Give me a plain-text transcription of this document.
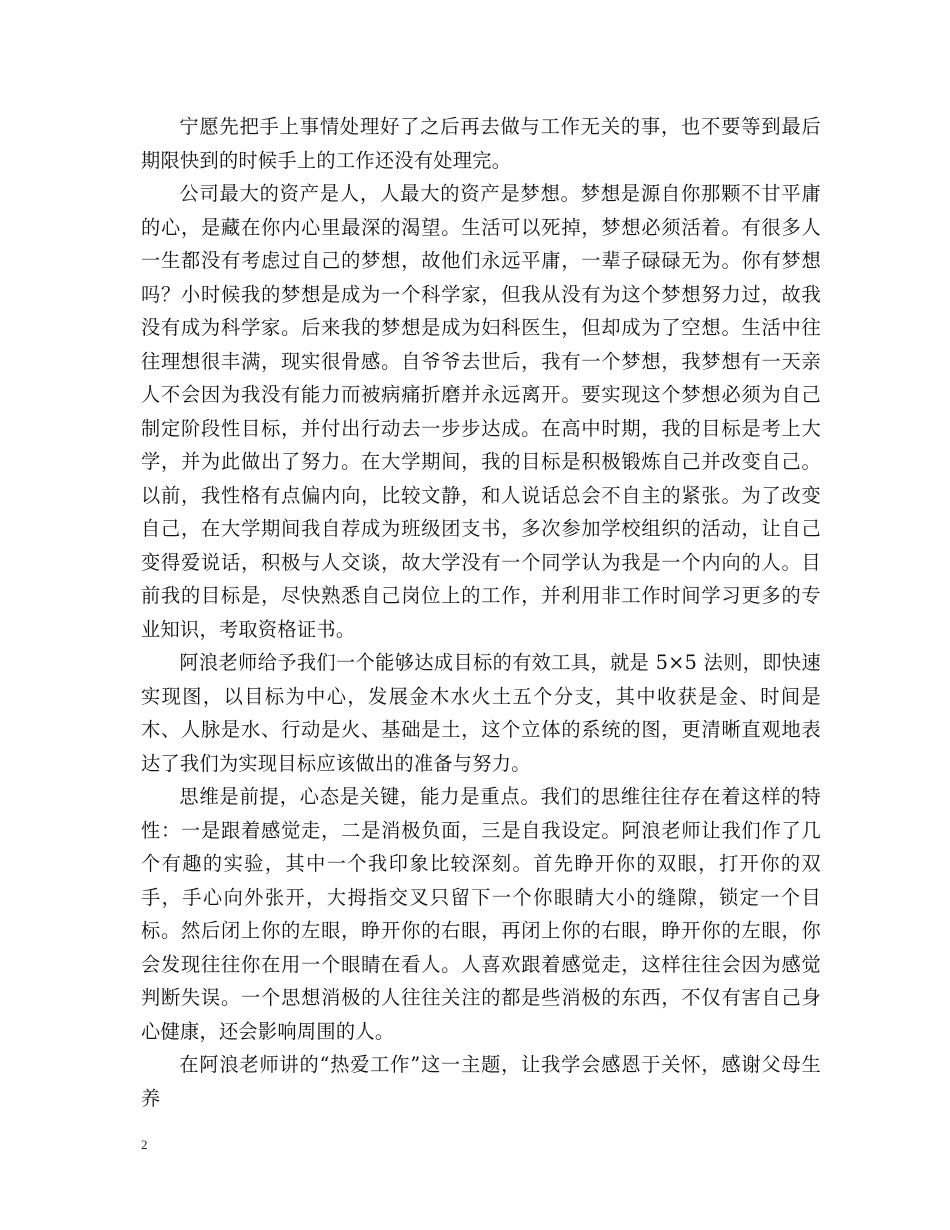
宁愿先把手上事情处理好了之后再去做与工作无关的事，也不要等到最后期限快到的时候手上的工作还没有处理完。

公司最大的资产是人，人最大的资产是梦想。梦想是源自你那颗不甘平庸的心，是藏在你内心里最深的渴望。生活可以死掉，梦想必须活着。有很多人一生都没有考虑过自己的梦想，故他们永远平庸，一辈子碌碌无为。你有梦想吗？小时候我的梦想是成为一个科学家，但我从没有为这个梦想努力过，故我没有成为科学家。后来我的梦想是成为妇科医生，但却成为了空想。生活中往往理想很丰满，现实很骨感。自爷爷去世后，我有一个梦想，我梦想有一天亲人不会因为我没有能力而被病痛折磨并永远离开。要实现这个梦想必须为自己制定阶段性目标，并付出行动去一步步达成。在高中时期，我的目标是考上大学，并为此做出了努力。在大学期间，我的目标是积极锻炼自己并改变自己。以前，我性格有点偏内向，比较文静，和人说话总会不自主的紧张。为了改变自己，在大学期间我自荐成为班级团支书，多次参加学校组织的活动，让自己变得爱说话，积极与人交谈，故大学没有一个同学认为我是一个内向的人。目前我的目标是，尽快熟悉自己岗位上的工作，并利用非工作时间学习更多的专业知识，考取资格证书。

阿浪老师给予我们一个能够达成目标的有效工具，就是 5×5 法则，即快速实现图，以目标为中心，发展金木水火土五个分支，其中收获是金、时间是木、人脉是水、行动是火、基础是土，这个立体的系统的图，更清晰直观地表达了我们为实现目标应该做出的准备与努力。

思维是前提，心态是关键，能力是重点。我们的思维往往存在着这样的特性：一是跟着感觉走，二是消极负面，三是自我设定。阿浪老师让我们作了几个有趣的实验，其中一个我印象比较深刻。首先睁开你的双眼，打开你的双手，手心向外张开，大拇指交叉只留下一个你眼睛大小的缝隙，锁定一个目标。然后闭上你的左眼，睁开你的右眼，再闭上你的右眼，睁开你的左眼，你会发现往往你在用一个眼睛在看人。人喜欢跟着感觉走，这样往往会因为感觉判断失误。一个思想消极的人往往关注的都是些消极的东西，不仅有害自己身心健康，还会影响周围的人。

在阿浪老师讲的“热爱工作”这一主题，让我学会感恩于关怀，感谢父母生养

2
